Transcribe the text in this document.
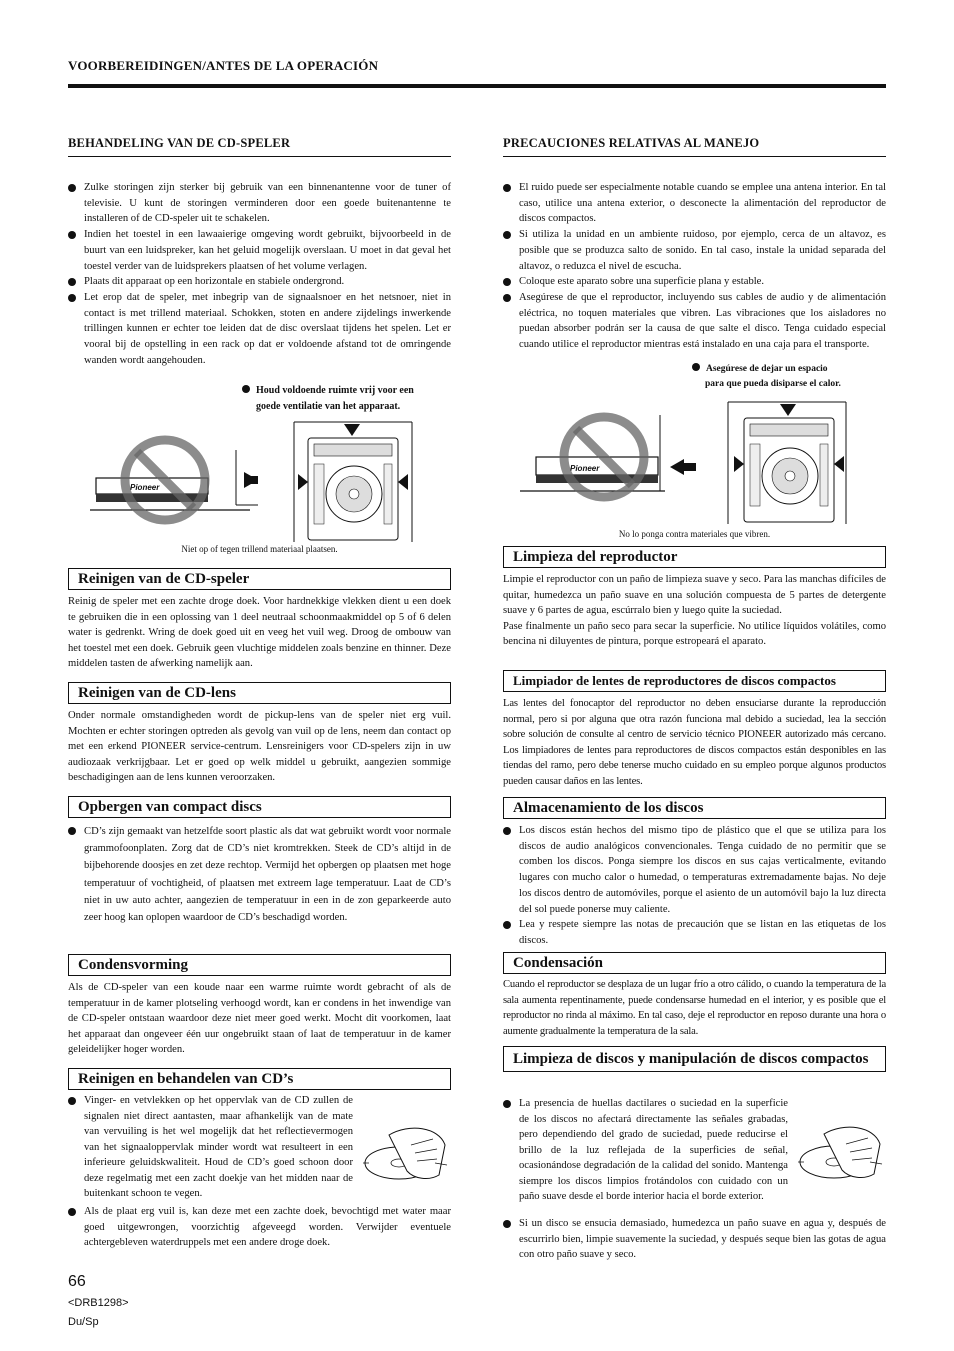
VOORBEREIDINGEN/ANTES DE LA OPERACIÓN
BEHANDELING VAN DE CD-SPELER
Zulke storingen zijn sterker bij gebruik van een binnenantenne voor de tuner of televisie. U kunt de storingen verminderen door een goede buitenantenne te installeren of de CD-speler uit te schakelen.
Indien het toestel in een lawaaierige omgeving wordt gebruikt, bijvoorbeeld in de buurt van een luidspreker, kan het geluid mogelijk overslaan. U moet in dat geval het toestel verder van de luidsprekers plaatsen of het volume verlagen.
Plaats dit apparaat op een horizontale en stabiele ondergrond.
Let erop dat de speler, met inbegrip van de signaalsnoer en het netsnoer, niet in contact is met trillend materiaal. Schokken, stoten en andere zijdelings inwerkende trillingen kunnen er echter toe leiden dat de disc overslaat tijdens het spelen. Let er vooral bij de opstelling in een rack op dat er voldoende afstand tot de omringende wanden wordt aangehouden.
Houd voldoende ruimte vrij voor een
goede ventilatie van het apparaat.
Pioneer
Niet op of tegen trillend materiaal plaatsen.
Reinigen van de CD-speler
Reinig de speler met een zachte droge doek. Voor hardnekkige vlekken dient u een doek te gebruiken die in een oplossing van 1 deel neutraal schoonmaakmiddel op 5 of 6 delen water is gedrenkt. Wring de doek goed uit en veeg het vuil weg. Droog de ombouw van het toestel met een doek. Gebruik geen vluchtige middelen zoals benzine en thinner. Deze middelen tasten de afwerking namelijk aan.
Reinigen van de CD-lens
Onder normale omstandigheden wordt de pickup-lens van de speler niet erg vuil. Mochten er echter storingen optreden als gevolg van vuil op de lens, neem dan contact op met een erkend PIONEER service-centrum. Lensreinigers voor CD-spelers zijn in uw audiozaak verkrijgbaar. Let er goed op welk middel u gebruikt, aangezien sommige beschadigingen aan de lens kunnen veroorzaken.
Opbergen van compact discs
CD’s zijn gemaakt van hetzelfde soort plastic als dat wat gebruikt wordt voor normale grammofoonplaten. Zorg dat de CD’s niet kromtrekken. Steek de CD’s altijd in de bijbehorende doosjes en zet deze rechtop. Vermijd het opbergen op plaatsen met hoge temperatuur of vochtigheid, of plaatsen met extreem lage temperatuur. Laat de CD’s niet in uw auto achter, aangezien de temperatuur in een in de zon geparkeerde auto zeer hoog kan oplopen waardoor de CD’s beschadigd worden.
Condensvorming
Als de CD-speler van een koude naar een warme ruimte wordt gebracht of als de temperatuur in de kamer plotseling verhoogd wordt, kan er condens in het inwendige van de CD-speler ontstaan waardoor deze niet meer goed werkt. Mocht dit voorkomen, laat het apparaat dan ongeveer één uur ongebruikt staan of laat de temperatuur in de kamer geleidelijker hoger worden.
Reinigen en behandelen van CD’s
Vinger- en vetvlekken op het oppervlak van de CD zullen de signalen niet direct aantasten, maar afhankelijk van de mate van vervuiling is het wel mogelijk dat het reflectievermogen van het signaaloppervlak minder wordt wat resulteert in een inferieure geluidskwaliteit. Houd de CD’s goed schoon door deze regelmatig met een zacht doekje van het midden naar de buitenkant schoon te vegen.
Als de plaat erg vuil is, kan deze met een zachte doek, bevochtigd met water maar goed uitgewrongen, voorzichtig afgeveegd worden. Verwijder eventuele achtergebleven waterdruppels met een andere droge doek.
PRECAUCIONES RELATIVAS AL MANEJO
El ruido puede ser especialmente notable cuando se emplee una antena interior. En tal caso, utilice una antena exterior, o desconecte la alimentación del reproductor de discos compactos.
Si utiliza la unidad en un ambiente ruidoso, por ejemplo, cerca de un altavoz, es posible que se produzca salto de sonido. En tal caso, instale la unidad separada del altavoz, o reduzca el nivel de escucha.
Coloque este aparato sobre una superficie plana y estable.
Asegúrese de que el reproductor, incluyendo sus cables de audio y de alimentación eléctrica, no toquen materiales que vibren. Las vibraciones que los aisladores no puedan absorber podrán ser la causa de que salte el disco. Tenga cuidado especial cuando utilice el reproductor mientras está instalado en una caja para el transporte.
Asegúrese de dejar un espacio
para que pueda disiparse el calor.
Pioneer
No lo ponga contra materiales que vibren.
Limpieza del reproductor
Limpie el reproductor con un paño de limpieza suave y seco. Para las manchas difíciles de quitar, humedezca un paño suave en una solución compuesta de 5 partes de detergente suave y 6 partes de agua, escúrralo bien y luego quite la suciedad.
Pase finalmente un paño seco para secar la superficie. No utilice líquidos volátiles, como bencina ni diluyentes de pintura, porque estropeará el aparato.
Limpiador de lentes de reproductores de discos compactos
Las lentes del fonocaptor del reproductor no deben ensuciarse durante la reproducción normal, pero si por alguna que otra razón funciona mal debido a suciedad, lea la sección sobre solución de consulte al centro de servicio técnico PIONEER autorizado más cercano. Los limpiadores de lentes para reproductores de discos compactos están desponibles en las tiendas del ramo, pero debe tenerse mucho cuidado en su empleo porque algunos productos pueden causar daños en las lentes.
Almacenamiento de los discos
Los discos están hechos del mismo tipo de plástico que el que se utiliza para los discos de audio analógicos convencionales. Tenga cuidado de no permitir que se comben los discos. Ponga siempre los discos en sus cajas verticalmente, evitando lugares con mucho calor o humedad, o temperaturas extremadamente bajas. No deje los discos dentro de automóviles, porque el asiento de un automóvil bajo la luz directa del sol puede ponerse muy caliente.
Lea y respete siempre las notas de precaución que se listan en las etiquetas de los discos.
Condensación
Cuando el reproductor se desplaza de un lugar frío a otro cálido, o cuando la temperatura de la sala aumenta repentinamente, puede condensarse humedad en el interior, y es posible que el reproductor no rinda al máximo. En tal caso, deje el reproductor en reposo durante una hora o aumente gradualmente la temperatura de la sala.
Limpieza de discos y manipulación de discos compactos
La presencia de huellas dactilares o suciedad en la superficie de los discos no afectará directamente las señales grabadas, pero dependiendo del grado de suciedad, puede reducirse el brillo de la luz reflejada de la superficies de señal, ocasionándose degradación de la calidad del sonido. Mantenga siempre los discos limpios frotándolos con cuidado con un paño suave desde el borde interior hacia el borde exterior.
Si un disco se ensucia demasiado, humedezca un paño suave en agua y, después de escurrirlo bien, limpie suavemente la suciedad, y después seque bien las gotas de agua con otro paño suave y seco.
66
<DRB1298>
Du/Sp
